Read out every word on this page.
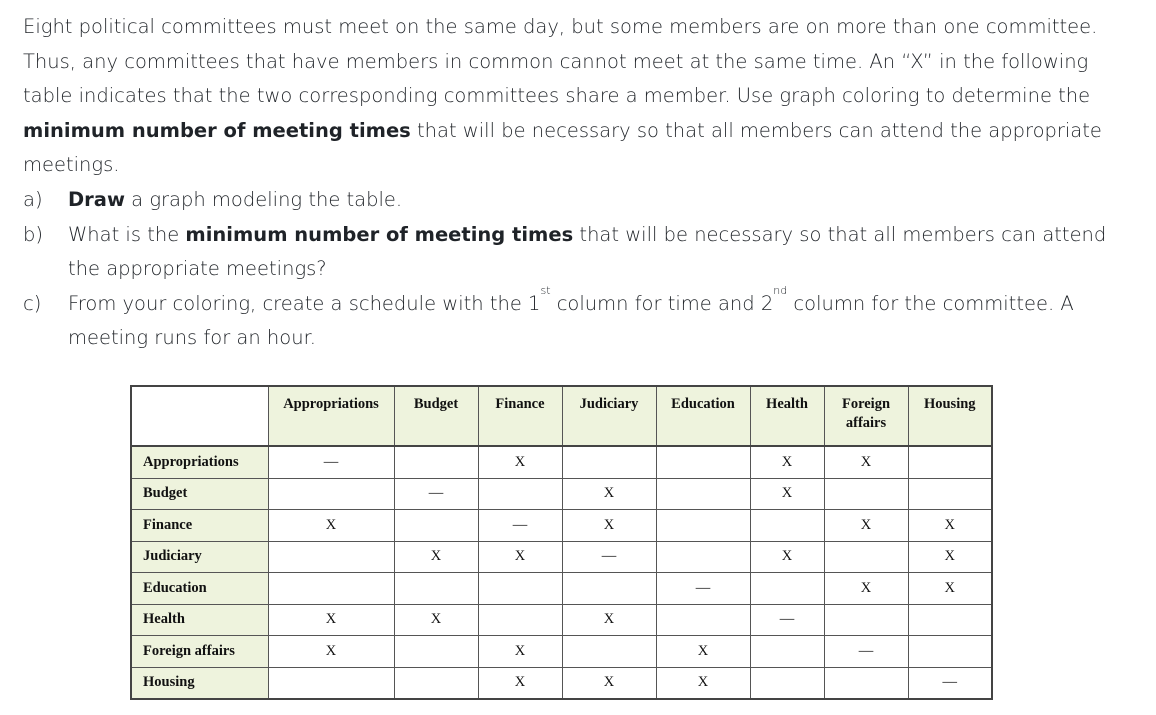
Eight political committees must meet on the same day, but some members are on more than one committee. Thus, any committees that have members in common cannot meet at the same time. An “X” in the following table indicates that the two corresponding committees share a member. Use graph coloring to determine the minimum number of meeting times that will be necessary so that all members can attend the appropriate meetings.
a)	Draw a graph modeling the table.
b)	What is the minimum number of meeting times that will be necessary so that all members can attend the appropriate meetings?
c)	From your coloring, create a schedule with the 1st column for time and 2nd column for the committee. A meeting runs for an hour.
	Appropriations	Budget	Finance	Judiciary	Education	Health	Foreign affairs	Housing
Appropriations	—		X			X	X	
Budget		—		X		X		
Finance	X		—	X			X	X
Judiciary		X	X	—		X		X
Education					—		X	X
Health	X	X		X		—		
Foreign affairs	X		X		X		—	
Housing			X	X	X			—
